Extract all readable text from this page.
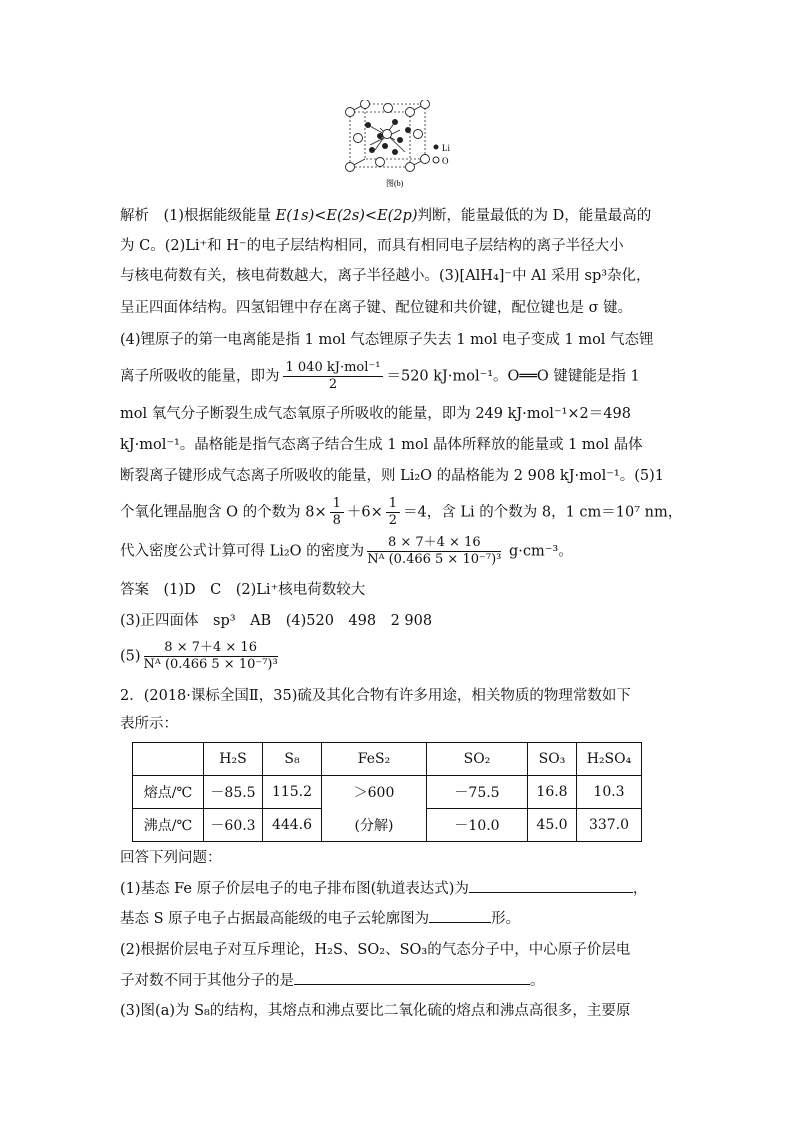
Li
O
图(b)
解析　(1)根据能级能量 E(1s)<E(2s)<E(2p)判断，能量最低的为 D，能量最高的
为 C。(2)Li⁺和 H⁻的电子层结构相同，而具有相同电子层结构的离子半径大小
与核电荷数有关，核电荷数越大，离子半径越小。(3)[AlH₄]⁻中 Al 采用 sp³杂化，
呈正四面体结构。四氢铝锂中存在离子键、配位键和共价键，配位键也是 σ 键。
(4)锂原子的第一电离能是指 1 mol 气态锂原子失去 1 mol 电子变成 1 mol 气态锂
离子所吸收的能量，即为 $\frac{\text{1 040 kJ·mol⁻¹}}{2} =520$ kJ·mol⁻¹。O══O 键键能是指 1
mol 氧气分子断裂生成气态氧原子所吸收的能量，即为 249 kJ·mol⁻¹×2＝498
kJ·mol⁻¹。晶格能是指气态离子结合生成 1 mol 晶体所释放的能量或 1 mol 晶体
断裂离子键形成气态离子所吸收的能量，则 Li₂O 的晶格能为 2 908 kJ·mol⁻¹。(5)1
个氧化锂晶胞含 O 的个数为 $8\times \frac{1}{8} +6\times \frac{1}{2} =4$，含 Li 的个数为 8，1 cm＝10⁷ nm，
代入密度公式计算可得 Li₂O 的密度为 $\frac{8 \times 7+4 \times 16}{\text{Nᴬ (0.466 5 × 10⁻⁷)³}} g\cdot cm^{-3}$。
答案　(1)D　C　(2)Li⁺核电荷数较大
(3)正四面体　sp³　AB　(4)520　498　2 908
$(5) \frac{8 \times 7+4 \times 16}{\text{Nᴬ (0.466 5 × 10⁻⁷)³}}$
2．(2018·课标全国Ⅱ，35)硫及其化合物有许多用途，相关物质的物理常数如下
表所示：
	H₂S	S₈	FeS₂	SO₂	SO₃	H₂SO₄
熔点/℃	－85.5	115.2	＞600	－75.5	16.8	10.3
沸点/℃	－60.3	444.6	(分解)	－10.0	45.0	337.0
回答下列问题：
(1)基态 Fe 原子价层电子的电子排布图(轨道表达式)为	，
基态 S 原子电子占据最高能级的电子云轮廓图为	形。
(2)根据价层电子对互斥理论，H₂S、SO₂、SO₃的气态分子中，中心原子价层电
子对数不同于其他分子的是	。
(3)图(a)为 S₈的结构，其熔点和沸点要比二氧化硫的熔点和沸点高很多，主要原
